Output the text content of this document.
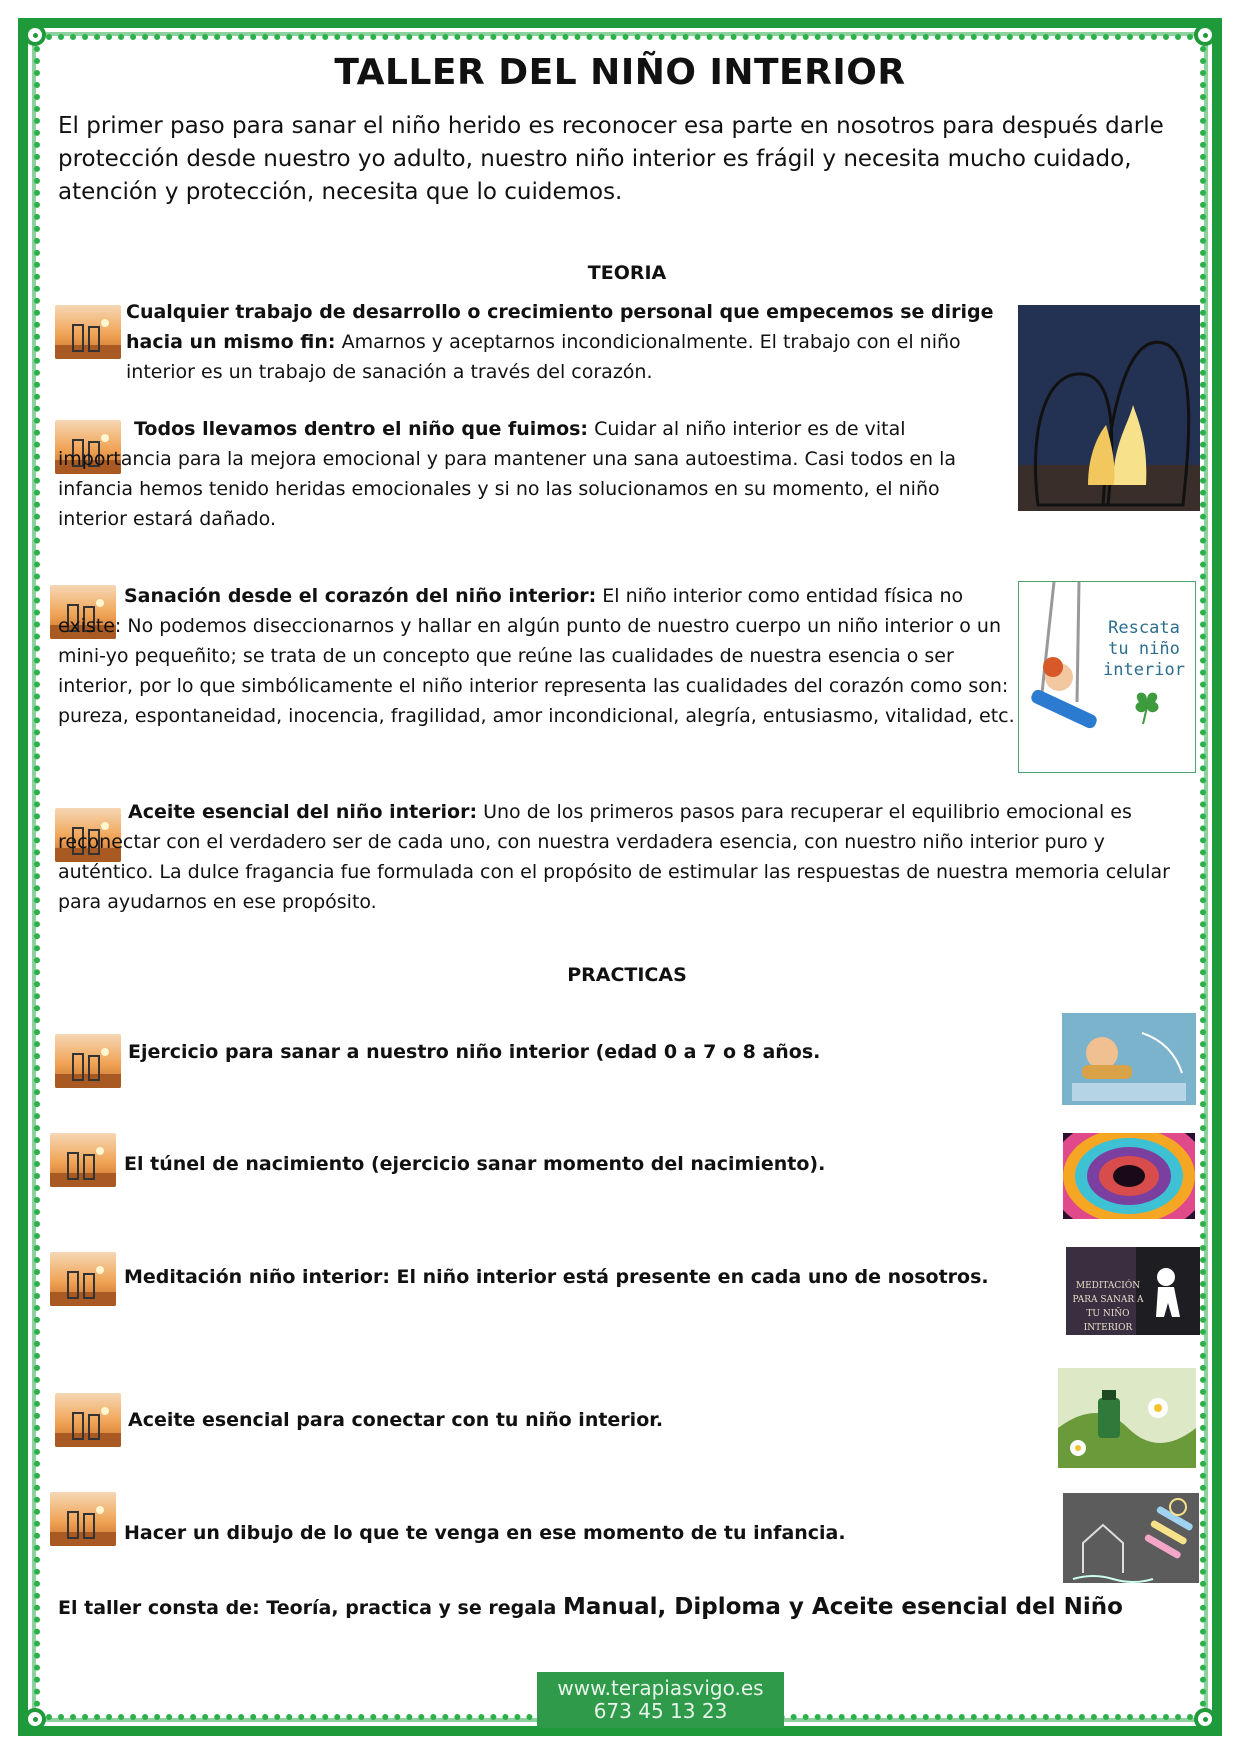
TALLER DEL NIÑO INTERIOR
El primer paso para sanar el niño herido es reconocer esa parte en nosotros para después darle protección desde nuestro yo adulto, nuestro niño interior es frágil y necesita mucho cuidado, atención y protección, necesita que lo cuidemos.
TEORIA
Cualquier trabajo de desarrollo o crecimiento personal que empecemos se dirige hacia un mismo fin: Amarnos y aceptarnos incondicionalmente. El trabajo con el niño interior es un trabajo de sanación a través del corazón.
Todos llevamos dentro el niño que fuimos: Cuidar al niño interior es de vital importancia para la mejora emocional y para mantener una sana autoestima. Casi todos en la infancia hemos tenido heridas emocionales y si no las solucionamos en su momento, el niño interior estará dañado.
Sanación desde el corazón del niño interior: El niño interior como entidad física no existe: No podemos diseccionarnos y hallar en algún punto de nuestro cuerpo un niño interior o un mini-yo pequeñito; se trata de un concepto que reúne las cualidades de nuestra esencia o ser interior, por lo que simbólicamente el niño interior representa las cualidades del corazón como son: pureza, espontaneidad, inocencia, fragilidad, amor incondicional, alegría, entusiasmo, vitalidad, etc.
Aceite esencial del niño interior: Uno de los primeros pasos para recuperar el equilibrio emocional es reconectar con el verdadero ser de cada uno, con nuestra verdadera esencia, con nuestro niño interior puro y auténtico. La dulce fragancia fue formulada con el propósito de estimular las respuestas de nuestra memoria celular para ayudarnos en ese propósito.
Rescata tu niño interior
PRACTICAS
Ejercicio para sanar a nuestro niño interior (edad 0 a 7 o 8 años.
El túnel de nacimiento (ejercicio sanar momento del nacimiento).
Meditación niño interior: El niño interior está presente en cada uno de nosotros.	MEDITACIÓN PARA SANAR A TU NIÑO INTERIOR
Aceite esencial para conectar con tu niño interior.
Hacer un dibujo de lo que te venga en ese momento de tu infancia.
El taller consta de: Teoría, practica y se regala Manual, Diploma y Aceite esencial del Niño
www.terapiasvigo.es
673 45 13 23
